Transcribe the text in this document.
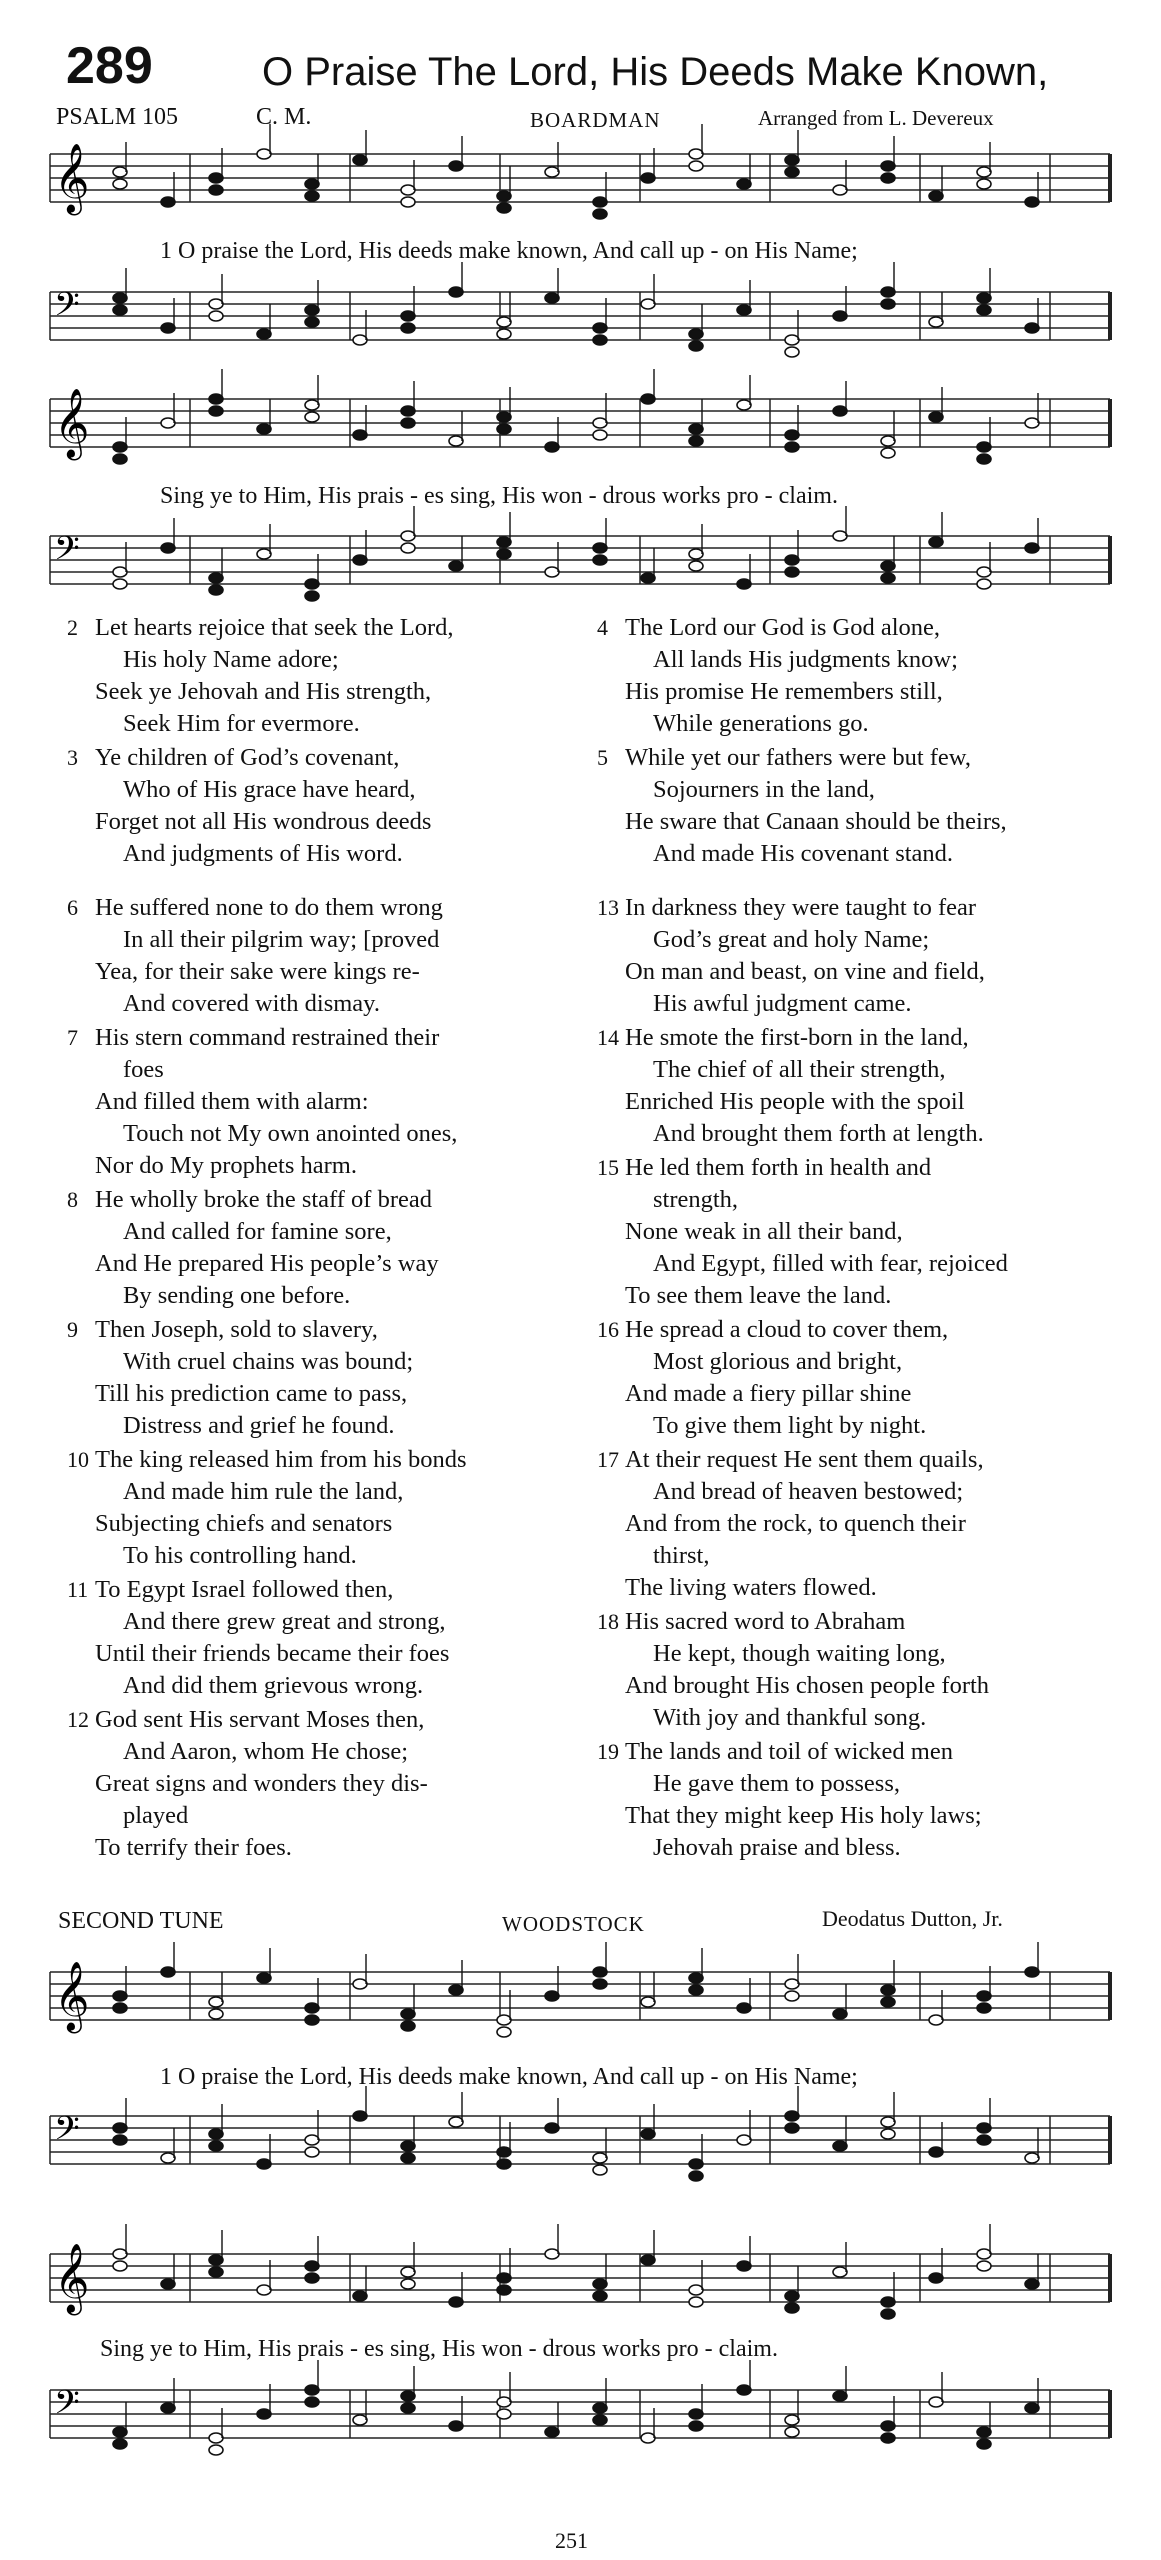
289	O Praise The Lord, His Deeds Make Known,
PSALM 105	C. M.	BOARDMAN	Arranged from L. Devereux
𝄞
1 O praise the Lord, His deeds make known, And call up - on His Name;
𝄢
𝄞
Sing ye to Him, His prais - es sing, His won - drous works pro - claim.
𝄢
2 Let hearts rejoice that seek the Lord,
His holy Name adore;
Seek ye Jehovah and His strength,
Seek Him for evermore.
3 Ye children of God’s covenant,
Who of His grace have heard,
Forget not all His wondrous deeds
And judgments of His word.
6 He suffered none to do them wrong
In all their pilgrim way; [proved
Yea, for their sake were kings re-
And covered with dismay.
7 His stern command restrained their
foes
And filled them with alarm:
Touch not My own anointed ones,
Nor do My prophets harm.
8 He wholly broke the staff of bread
And called for famine sore,
And He prepared His people’s way
By sending one before.
9 Then Joseph, sold to slavery,
With cruel chains was bound;
Till his prediction came to pass,
Distress and grief he found.
10 The king released him from his bonds
And made him rule the land,
Subjecting chiefs and senators
To his controlling hand.
11 To Egypt Israel followed then,
And there grew great and strong,
Until their friends became their foes
And did them grievous wrong.
12 God sent His servant Moses then,
And Aaron, whom He chose;
Great signs and wonders they dis-
played
To terrify their foes.
4 The Lord our God is God alone,
All lands His judgments know;
His promise He remembers still,
While generations go.
5 While yet our fathers were but few,
Sojourners in the land,
He sware that Canaan should be theirs,
And made His covenant stand.
13 In darkness they were taught to fear
God’s great and holy Name;
On man and beast, on vine and field,
His awful judgment came.
14 He smote the first-born in the land,
The chief of all their strength,
Enriched His people with the spoil
And brought them forth at length.
15 He led them forth in health and
strength,
None weak in all their band,
And Egypt, filled with fear, rejoiced
To see them leave the land.
16 He spread a cloud to cover them,
Most glorious and bright,
And made a fiery pillar shine
To give them light by night.
17 At their request He sent them quails,
And bread of heaven bestowed;
And from the rock, to quench their
thirst,
The living waters flowed.
18 His sacred word to Abraham
He kept, though waiting long,
And brought His chosen people forth
With joy and thankful song.
19 The lands and toil of wicked men
He gave them to possess,
That they might keep His holy laws;
Jehovah praise and bless.
SECOND TUNE	WOODSTOCK	Deodatus Dutton, Jr.
𝄞
1 O praise the Lord, His deeds make known, And call up - on His Name;
𝄢
𝄞
Sing ye to Him, His prais - es sing, His won - drous works pro - claim.
𝄢
251
